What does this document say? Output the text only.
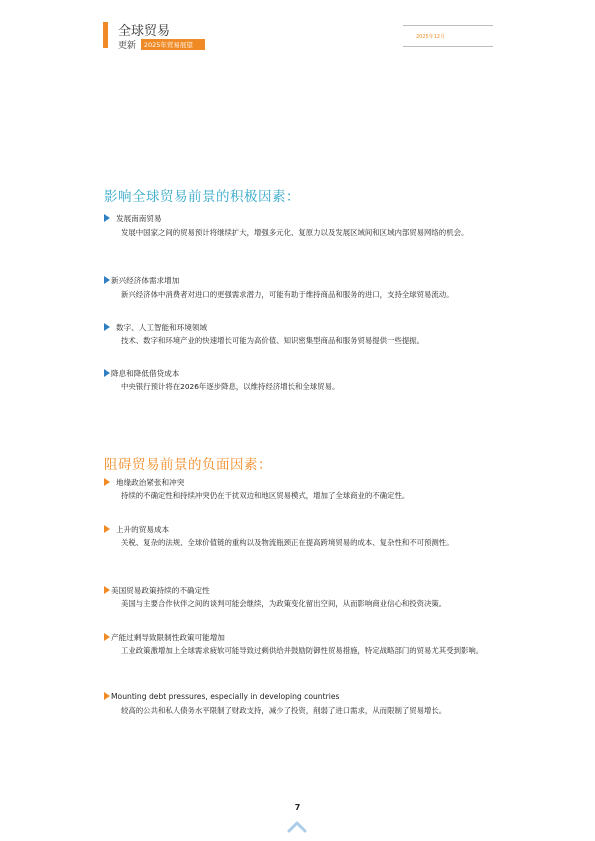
全球贸易
更新 2025年贸易展望
2025年12月
影响全球贸易前景的积极因素：
发展南南贸易
发展中国家之间的贸易预计将继续扩大，增强多元化、复原力以及发展区域间和区域内部贸易网络的机会。
新兴经济体需求增加
新兴经济体中消费者对进口的更强需求潜力，可能有助于维持商品和服务的进口，支持全球贸易流动。
数字、人工智能和环境领域
技术、数字和环境产业的快速增长可能为高价值、知识密集型商品和服务贸易提供一些提振。
降息和降低借贷成本
中央银行预计将在2026年逐步降息，以维持经济增长和全球贸易。
阻碍贸易前景的负面因素：
地缘政治紧张和冲突
持续的不确定性和持续冲突仍在干扰双边和地区贸易模式，增加了全球商业的不确定性。
上升的贸易成本
关税、复杂的法规、全球价值链的重构以及物流瓶颈正在提高跨境贸易的成本、复杂性和不可预测性。
美国贸易政策持续的不确定性
美国与主要合作伙伴之间的谈判可能会继续，为政策变化留出空间，从而影响商业信心和投资决策。
产能过剩导致限制性政策可能增加
工业政策激增加上全球需求疲软可能导致过剩供给并鼓励防御性贸易措施，特定战略部门的贸易尤其受到影响。
Mounting debt pressures, especially in developing countries
较高的公共和私人债务水平限制了财政支持，减少了投资，削弱了进口需求，从而限制了贸易增长。
7
